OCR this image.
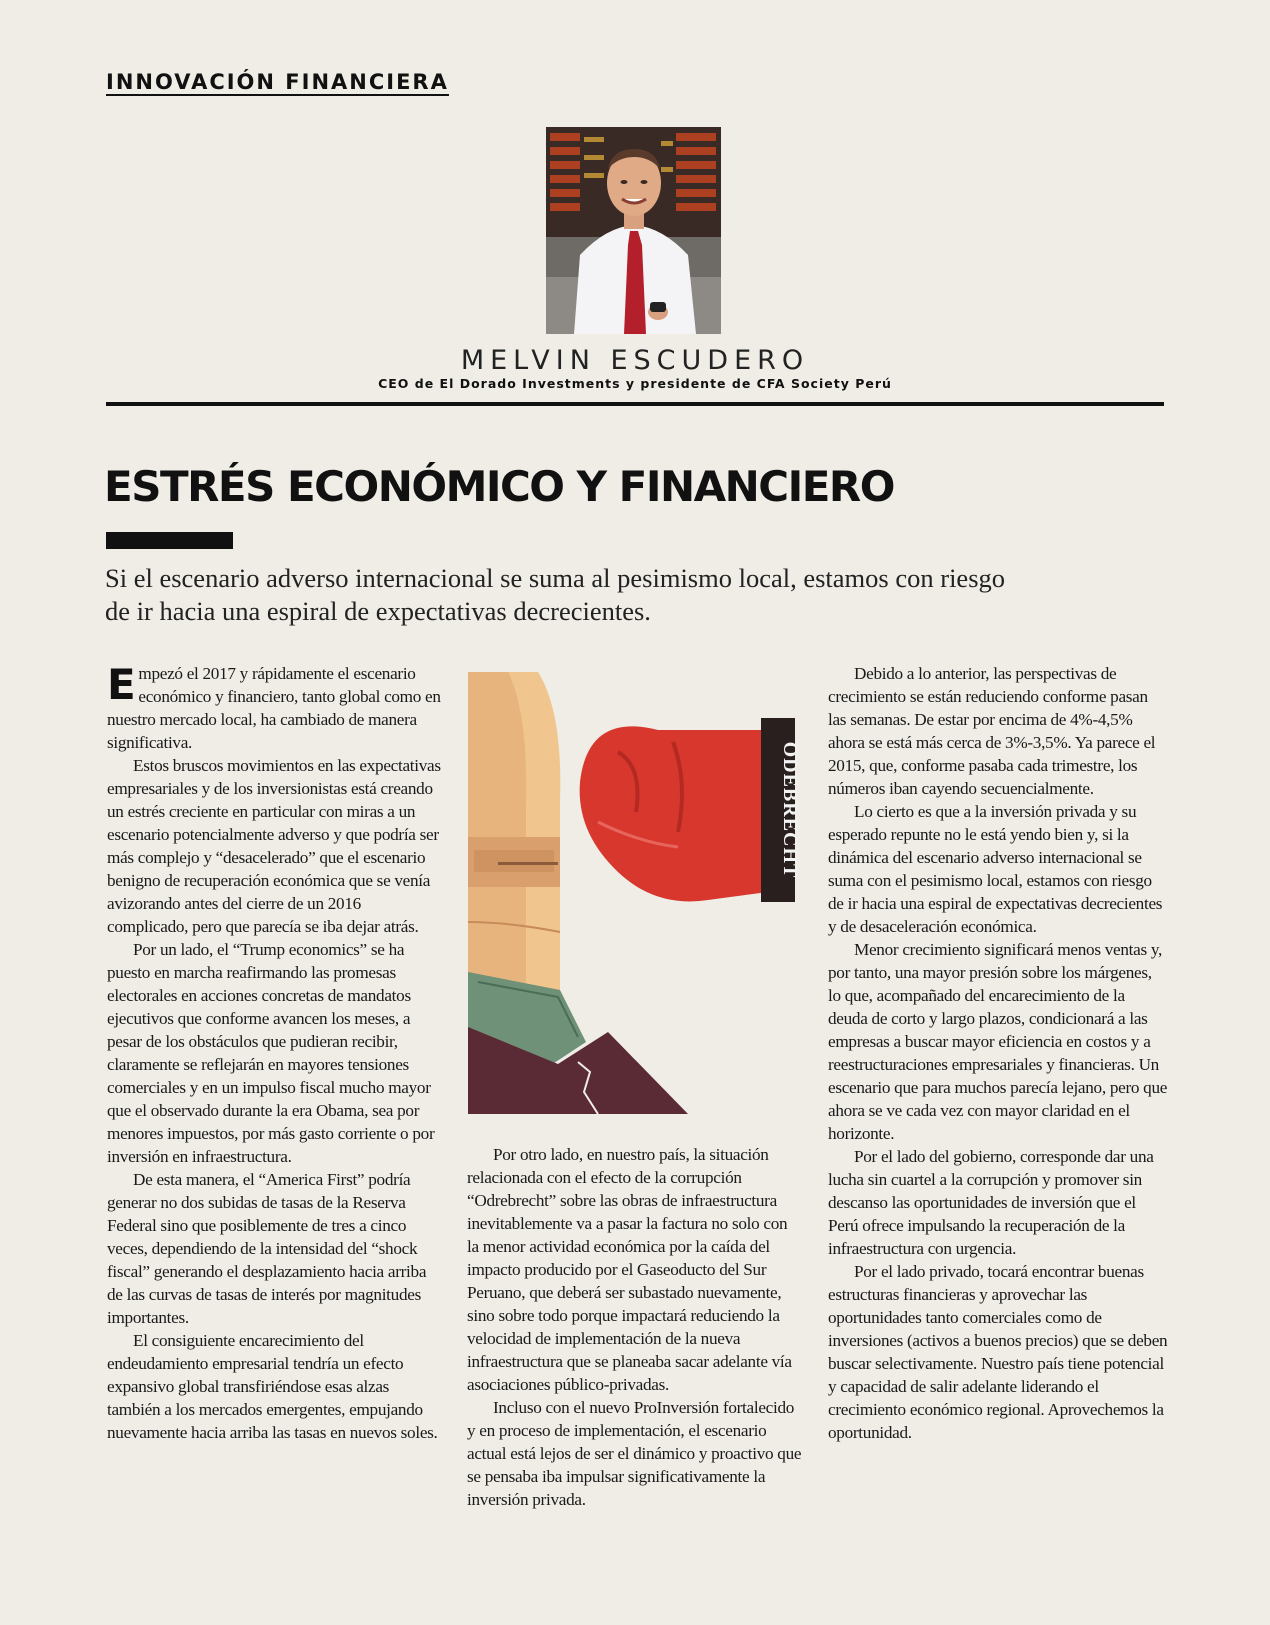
INNOVACIÓN FINANCIERA
MELVIN ESCUDERO
CEO de El Dorado Investments y presidente de CFA Society Perú
ESTRÉS ECONÓMICO Y FINANCIERO
Si el escenario adverso internacional se suma al pesimismo local, estamos con riesgo de ir hacia una espiral de expectativas decrecientes.

Empezó el 2017 y rápidamente el escenario económico y financiero, tanto global como en nuestro mercado local, ha cambiado de manera significativa.

Estos bruscos movimientos en las expectativas empresariales y de los inversionistas está creando un estrés creciente en particular con miras a un escenario potencialmente adverso y que podría ser más complejo y “desacelerado” que el escenario benigno de recuperación económica que se venía avizorando antes del cierre de un 2016 complicado, pero que parecía se iba dejar atrás.

Por un lado, el “Trump economics” se ha puesto en marcha reafirmando las promesas electorales en acciones concretas de mandatos ejecutivos que conforme avancen los meses, a pesar de los obstáculos que pudieran recibir, claramente se reflejarán en mayores tensiones comerciales y en un impulso fiscal mucho mayor que el observado durante la era Obama, sea por menores impuestos, por más gasto corriente o por inversión en infraestructura.

De esta manera, el “America First” podría generar no dos subidas de tasas de la Reserva Federal sino que posiblemente de tres a cinco veces, dependiendo de la intensidad del “shock fiscal” generando el desplazamiento hacia arriba de las curvas de tasas de interés por magnitudes importantes.

El consiguiente encarecimiento del endeudamiento empresarial tendría un efecto expansivo global transfiriéndose esas alzas también a los mercados emergentes, empujando nuevamente hacia arriba las tasas en nuevos soles.

ODEBRECHT

Por otro lado, en nuestro país, la situación relacionada con el efecto de la corrupción “Odrebrecht” sobre las obras de infraestructura inevitablemente va a pasar la factura no solo con la menor actividad económica por la caída del impacto producido por el Gaseoducto del Sur Peruano, que deberá ser subastado nuevamente, sino sobre todo porque impactará reduciendo la velocidad de implementación de la nueva infraestructura que se planeaba sacar adelante vía asociaciones público-privadas.

Incluso con el nuevo ProInversión fortalecido y en proceso de implementación, el escenario actual está lejos de ser el dinámico y proactivo que se pensaba iba impulsar significativamente la inversión privada.

Debido a lo anterior, las perspectivas de crecimiento se están reduciendo conforme pasan las semanas. De estar por encima de 4%-4,5% ahora se está más cerca de 3%-3,5%. Ya parece el 2015, que, conforme pasaba cada trimestre, los números iban cayendo secuencialmente.

Lo cierto es que a la inversión privada y su esperado repunte no le está yendo bien y, si la dinámica del escenario adverso internacional se suma con el pesimismo local, estamos con riesgo de ir hacia una espiral de expectativas decrecientes y de desaceleración económica.

Menor crecimiento significará menos ventas y, por tanto, una mayor presión sobre los márgenes, lo que, acompañado del encarecimiento de la deuda de corto y largo plazos, condicionará a las empresas a buscar mayor eficiencia en costos y a reestructuraciones empresariales y financieras. Un escenario que para muchos parecía lejano, pero que ahora se ve cada vez con mayor claridad en el horizonte.

Por el lado del gobierno, corresponde dar una lucha sin cuartel a la corrupción y promover sin descanso las oportunidades de inversión que el Perú ofrece impulsando la recuperación de la infraestructura con urgencia.

Por el lado privado, tocará encontrar buenas estructuras financieras y aprovechar las oportunidades tanto comerciales como de inversiones (activos a buenos precios) que se deben buscar selectivamente. Nuestro país tiene potencial y capacidad de salir adelante liderando el crecimiento económico regional. Aprovechemos la oportunidad.
